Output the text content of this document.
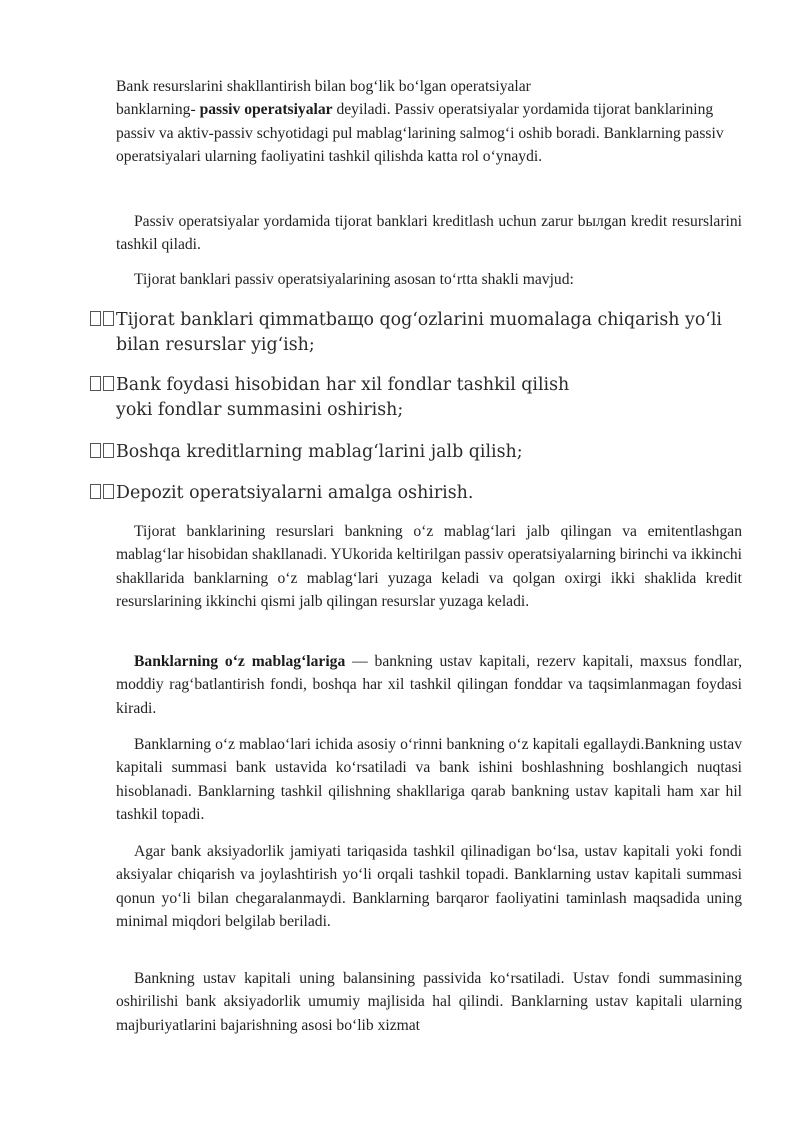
Bank resurslarini shakllantirish bilan bog‘lik bo‘lgan operatsiyalar
banklarning- passiv operatsiyalar deyiladi. Passiv operatsiyalar yordamida tijorat banklarining passiv va aktiv-passiv schyotidagi pul mablag‘larining salmog‘i oshib boradi. Banklarning passiv operatsiyalari ularning faoliyatini tashkil qilishda katta rol o‘ynaydi.

Passiv operatsiyalar yordamida tijorat banklari kreditlash uchun zarur bылgan kredit resurslarini tashkil qiladi.

Tijorat banklari passiv operatsiyalarining asosan to‘rtta shakli mavjud:

Tijorat banklari qimmatbaщо qog‘ozlarini muomalaga chiqarish yo‘li
bilan resurslar yig‘ish;
Bank foydasi hisobidan har xil fondlar tashkil qilish
yoki fondlar summasini oshirish;
Boshqa kreditlarning mablag‘larini jalb qilish;
Depozit operatsiyalarni amalga oshirish.

Tijorat banklarining resurslari bankning o‘z mablag‘lari jalb qilingan va emitentlashgan mablag‘lar hisobidan shakllanadi. YUkorida keltirilgan passiv operatsiyalarning birinchi va ikkinchi shakllarida banklarning o‘z mablag‘lari yuzaga keladi va qolgan oxirgi ikki shaklida kredit resurslarining ikkinchi qismi jalb qilingan resurslar yuzaga keladi.

Banklarning o‘z mablag‘lariga — bankning ustav kapitali, rezerv kapitali, maxsus fondlar, moddiy rag‘batlantirish fondi, boshqa har xil tashkil qilingan fonddar va taqsimlanmagan foydasi kiradi.

Banklarning o‘z mablao‘lari ichida asosiy o‘rinni bankning o‘z kapitali egallaydi.Bankning ustav kapitali summasi bank ustavida ko‘rsatiladi va bank ishini boshlashning boshlangich nuqtasi hisoblanadi. Banklarning tashkil qilishning shakllariga qarab bankning ustav kapitali ham xar hil tashkil topadi.

Agar bank aksiyadorlik jamiyati tariqasida tashkil qilinadigan bo‘lsa, ustav kapitali yoki fondi aksiyalar chiqarish va joylashtirish yo‘li orqali tashkil topadi. Banklarning ustav kapitali summasi qonun yo‘li bilan chegaralanmaydi. Banklarning barqaror faoliyatini taminlash maqsadida uning minimal miqdori belgilab beriladi.

Bankning ustav kapitali uning balansining passivida ko‘rsatiladi. Ustav fondi summasining oshirilishi bank aksiyadorlik umumiy majlisida hal qilindi. Banklarning ustav kapitali ularning majburiyatlarini bajarishning asosi bo‘lib xizmat
